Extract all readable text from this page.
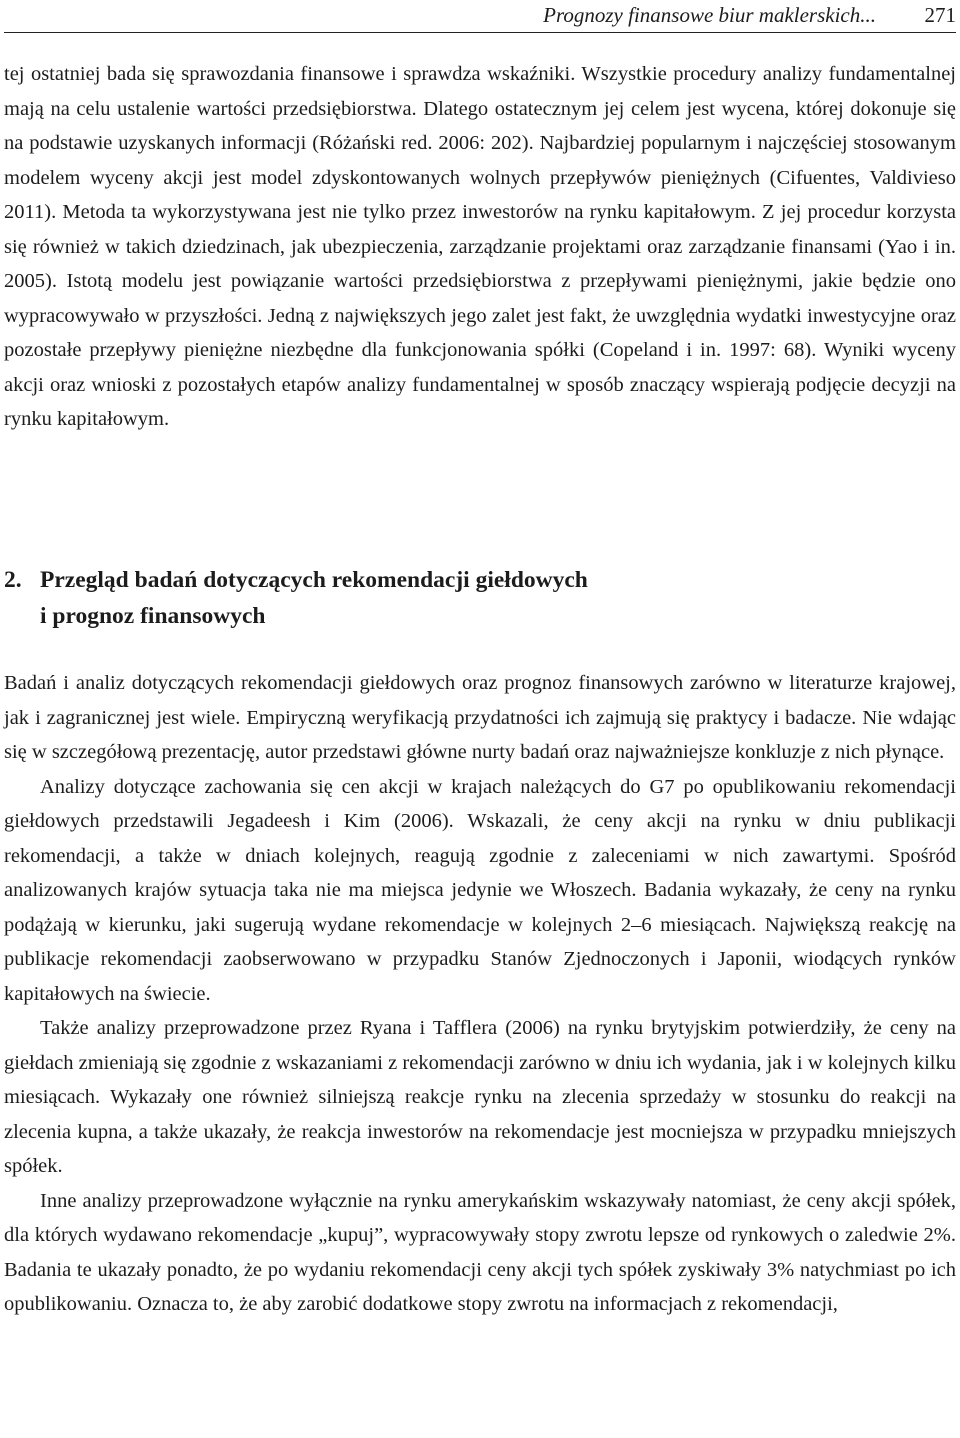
Prognozy finansowe biur maklerskich... 271

tej ostatniej bada się sprawozdania finansowe i sprawdza wskaźniki. Wszystkie procedury analizy fundamentalnej mają na celu ustalenie wartości przedsiębiorstwa. Dlatego ostatecznym jej celem jest wycena, której dokonuje się na podstawie uzyskanych informacji (Różański red. 2006: 202). Najbardziej popularnym i najczęściej stosowanym modelem wyceny akcji jest model zdyskontowanych wolnych przepływów pieniężnych (Cifuentes, Valdivieso 2011). Metoda ta wykorzystywana jest nie tylko przez inwestorów na rynku kapitałowym. Z jej procedur korzysta się również w takich dziedzinach, jak ubezpieczenia, zarządzanie projektami oraz zarządzanie finansami (Yao i in. 2005). Istotą modelu jest powiązanie wartości przedsiębiorstwa z przepływami pieniężnymi, jakie będzie ono wypracowywało w przyszłości. Jedną z największych jego zalet jest fakt, że uwzględnia wydatki inwestycyjne oraz pozostałe przepływy pieniężne niezbędne dla funkcjonowania spółki (Copeland i in. 1997: 68). Wyniki wyceny akcji oraz wnioski z pozostałych etapów analizy fundamentalnej w sposób znaczący wspierają podjęcie decyzji na rynku kapitałowym.

2. Przegląd badań dotyczących rekomendacji giełdowych
i prognoz finansowych

Badań i analiz dotyczących rekomendacji giełdowych oraz prognoz finansowych zarówno w literaturze krajowej, jak i zagranicznej jest wiele. Empiryczną weryfikacją przydatności ich zajmują się praktycy i badacze. Nie wdając się w szczegółową prezentację, autor przedstawi główne nurty badań oraz najważniejsze konkluzje z nich płynące.

Analizy dotyczące zachowania się cen akcji w krajach należących do G7 po opublikowaniu rekomendacji giełdowych przedstawili Jegadeesh i Kim (2006). Wskazali, że ceny akcji na rynku w dniu publikacji rekomendacji, a także w dniach kolejnych, reagują zgodnie z zaleceniami w nich zawartymi. Spośród analizowanych krajów sytuacja taka nie ma miejsca jedynie we Włoszech. Badania wykazały, że ceny na rynku podążają w kierunku, jaki sugerują wydane rekomendacje w kolejnych 2–6 miesiącach. Największą reakcję na publikacje rekomendacji zaobserwowano w przypadku Stanów Zjednoczonych i Japonii, wiodących rynków kapitałowych na świecie.

Także analizy przeprowadzone przez Ryana i Tafflera (2006) na rynku brytyjskim potwierdziły, że ceny na giełdach zmieniają się zgodnie z wskazaniami z rekomendacji zarówno w dniu ich wydania, jak i w kolejnych kilku miesiącach. Wykazały one również silniejszą reakcje rynku na zlecenia sprzedaży w stosunku do reakcji na zlecenia kupna, a także ukazały, że reakcja inwestorów na rekomendacje jest mocniejsza w przypadku mniejszych spółek.

Inne analizy przeprowadzone wyłącznie na rynku amerykańskim wskazywały natomiast, że ceny akcji spółek, dla których wydawano rekomendacje „kupuj”, wypracowywały stopy zwrotu lepsze od rynkowych o zaledwie 2%. Badania te ukazały ponadto, że po wydaniu rekomendacji ceny akcji tych spółek zyskiwały 3% natychmiast po ich opublikowaniu. Oznacza to, że aby zarobić dodatkowe stopy zwrotu na informacjach z rekomendacji,
